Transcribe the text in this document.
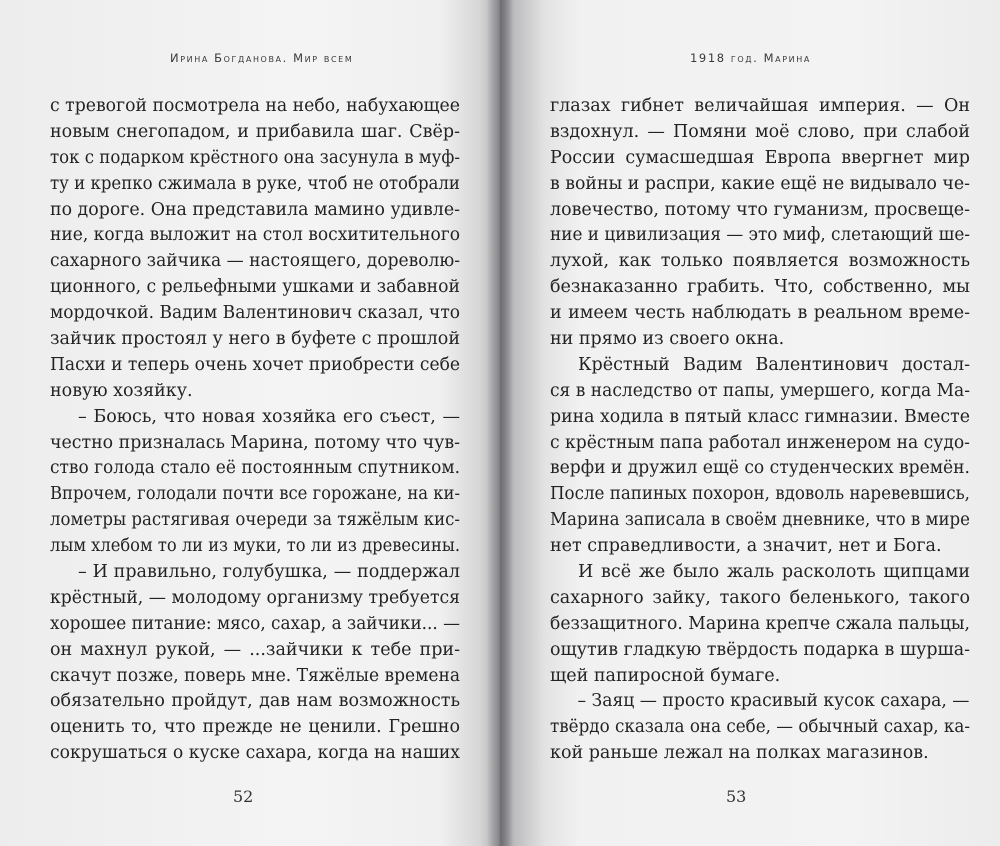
Ирина Богданова. Мир всем
с тревогой посмотрела на небо, набухающее
новым снегопадом, и прибавила шаг. Свёр-
ток с подарком крёстного она засунула в муф-
ту и крепко сжимала в руке, чтоб не отобрали
по дороге. Она представила мамино удивле-
ние, когда выложит на стол восхитительного
сахарного зайчика — настоящего, дореволю-
ционного, с рельефными ушками и забавной
мордочкой. Вадим Валентинович сказал, что
зайчик простоял у него в буфете с прошлой
Пасхи и теперь очень хочет приобрести себе
новую хозяйку.
– Боюсь, что новая хозяйка его съест, —
честно призналась Марина, потому что чув-
ство голода стало её постоянным спутником.
Впрочем, голодали почти все горожане, на ки-
лометры растягивая очереди за тяжёлым кис-
лым хлебом то ли из муки, то ли из древесины.
– И правильно, голубушка, — поддержал
крёстный, — молодому организму требуется
хорошее питание: мясо, сахар, а зайчики... —
он махнул рукой, — ...зайчики к тебе при-
скачут позже, поверь мне. Тяжёлые времена
обязательно пройдут, дав нам возможность
оценить то, что прежде не ценили. Грешно
сокрушаться о куске сахара, когда на наших
52
1918 год. Марина
глазах гибнет величайшая империя. — Он
вздохнул. — Помяни моё слово, при слабой
России сумасшедшая Европа ввергнет мир
в войны и распри, какие ещё не видывало че-
ловечество, потому что гуманизм, просвеще-
ние и цивилизация — это миф, слетающий ше-
лухой, как только появляется возможность
безнаказанно грабить. Что, собственно, мы
и имеем честь наблюдать в реальном време-
ни прямо из своего окна.
Крёстный Вадим Валентинович достал-
ся в наследство от папы, умершего, когда Ма-
рина ходила в пятый класс гимназии. Вместе
с крёстным папа работал инженером на судо-
верфи и дружил ещё со студенческих времён.
После папиных похорон, вдоволь наревевшись,
Марина записала в своём дневнике, что в мире
нет справедливости, а значит, нет и Бога.
И всё же было жаль расколоть щипцами
сахарного зайку, такого беленького, такого
беззащитного. Марина крепче сжала пальцы,
ощутив гладкую твёрдость подарка в шурша-
щей папиросной бумаге.
– Заяц — просто красивый кусок сахара, —
твёрдо сказала она себе, — обычный сахар, ка-
кой раньше лежал на полках магазинов.
53
